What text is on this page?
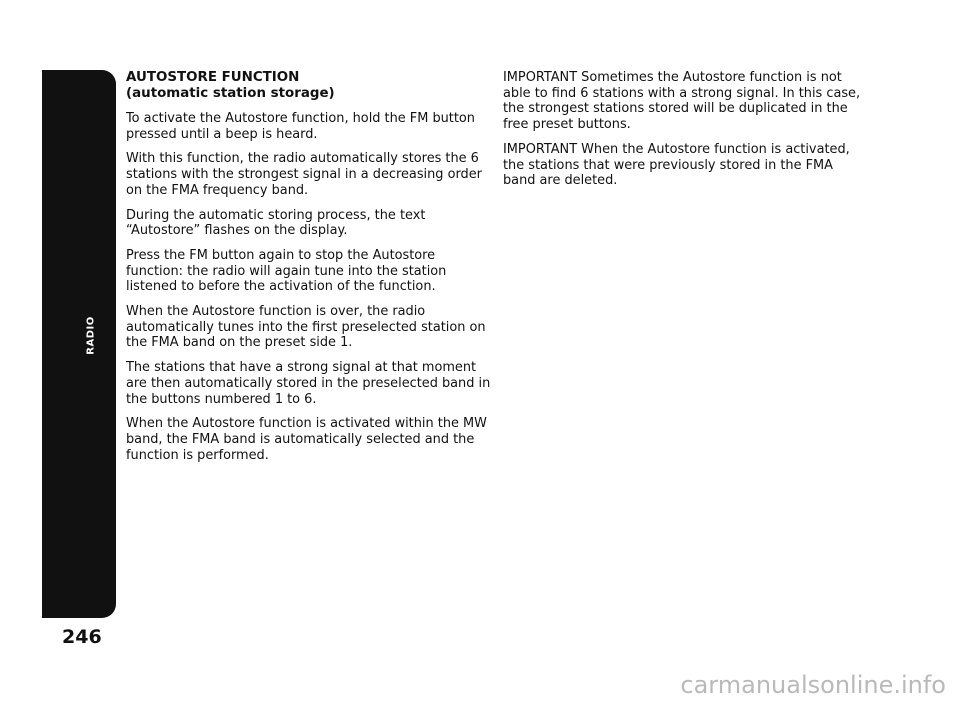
RADIO
246
AUTOSTORE FUNCTION
(automatic station storage)

To activate the Autostore function, hold the FM button pressed until a beep is heard.

With this function, the radio automatically stores the 6 stations with the strongest signal in a decreasing order on the FMA frequency band.

During the automatic storing process, the text “Autostore” flashes on the display.

Press the FM button again to stop the Autostore function: the radio will again tune into the station listened to before the activation of the function.

When the Autostore function is over, the radio automatically tunes into the first preselected station on the FMA band on the preset side 1.

The stations that have a strong signal at that moment are then automatically stored in the preselected band in the buttons numbered 1 to 6.

When the Autostore function is activated within the MW band, the FMA band is automatically selected and the function is performed.

IMPORTANT Sometimes the Autostore function is not able to find 6 stations with a strong signal. In this case, the strongest stations stored will be duplicated in the free preset buttons.

IMPORTANT When the Autostore function is activated, the stations that were previously stored in the FMA band are deleted.

carmanualsonline.info
